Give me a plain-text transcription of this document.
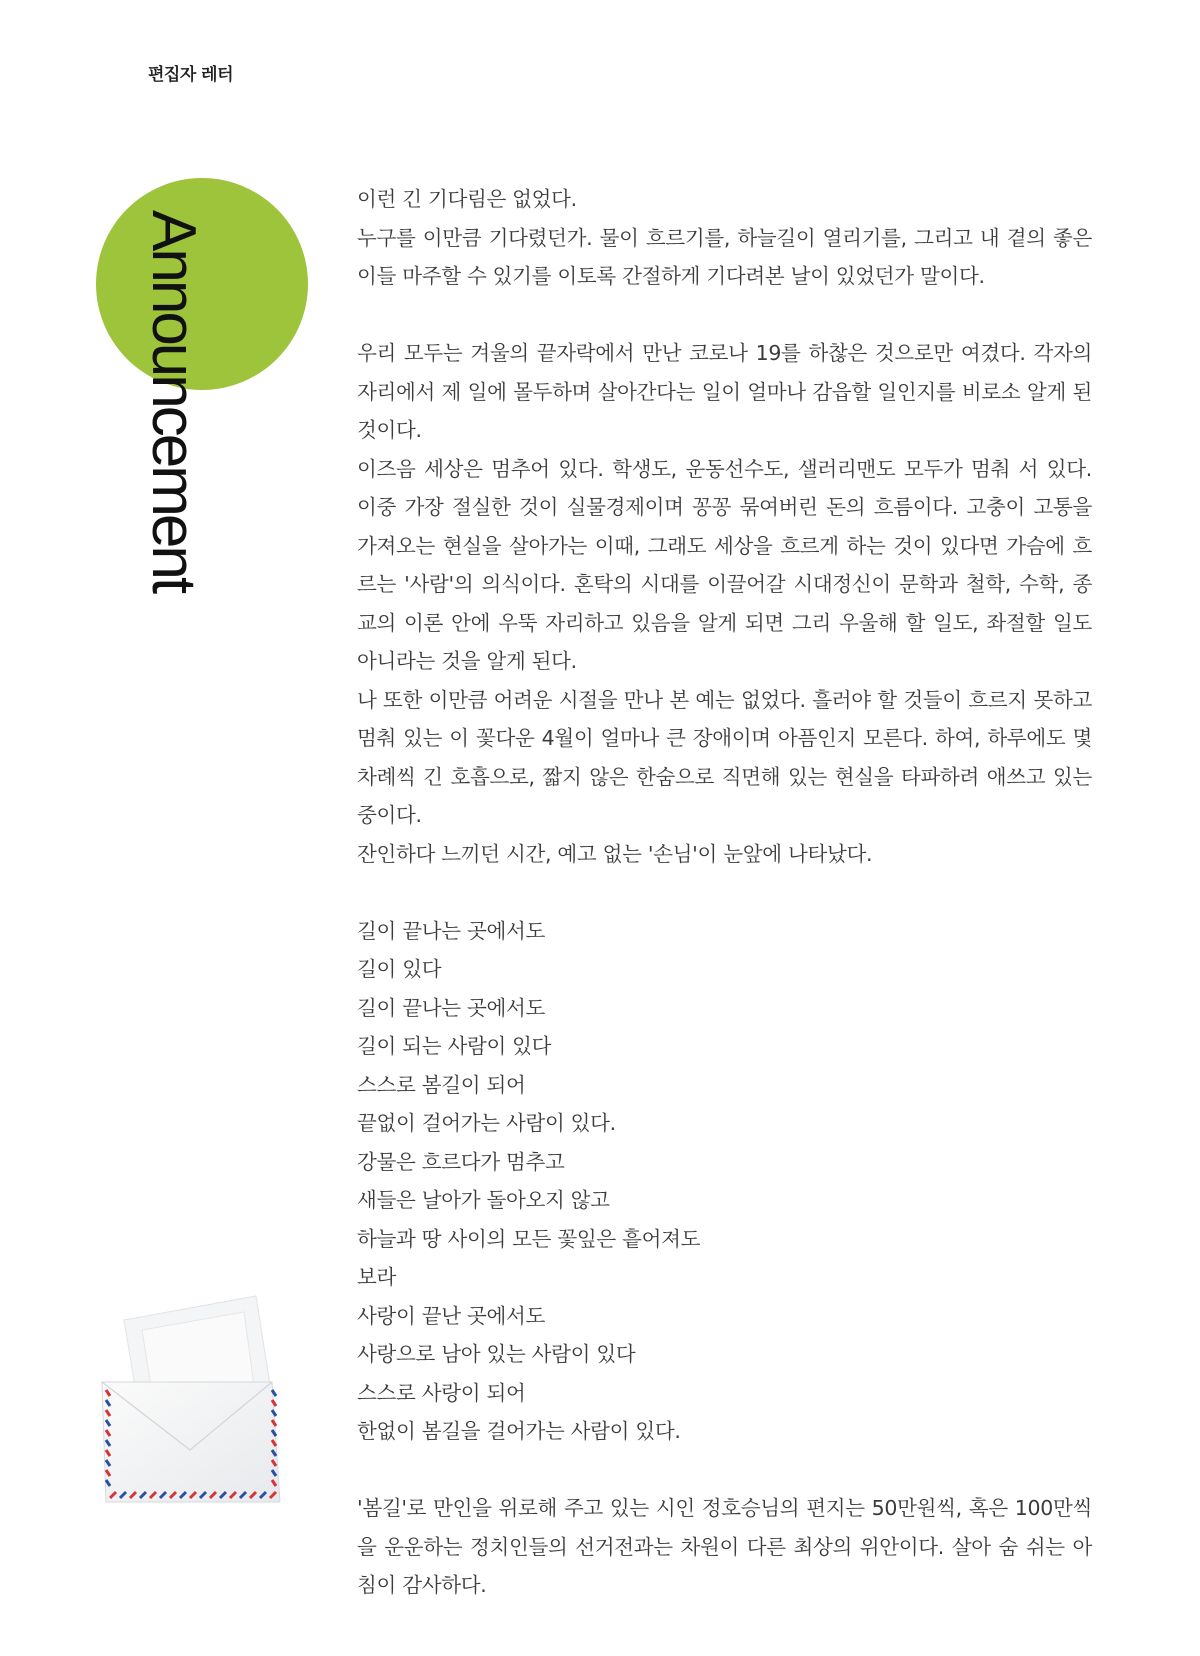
편집자 레터
Announcement

이런 긴 기다림은 없었다.

누구를 이만큼 기다렸던가. 물이 흐르기를, 하늘길이 열리기를, 그리고 내 곁의 좋은 이들 마주할 수 있기를 이토록 간절하게 기다려본 날이 있었던가 말이다.

우리 모두는 겨울의 끝자락에서 만난 코로나 19를 하찮은 것으로만 여겼다. 각자의 자리에서 제 일에 몰두하며 살아간다는 일이 얼마나 감읍할 일인지를 비로소 알게 된 것이다.

이즈음 세상은 멈추어 있다. 학생도, 운동선수도, 샐러리맨도 모두가 멈춰 서 있다. 이중 가장 절실한 것이 실물경제이며 꽁꽁 묶여버린 돈의 흐름이다. 고충이 고통을 가져오는 현실을 살아가는 이때, 그래도 세상을 흐르게 하는 것이 있다면 가슴에 흐르는 '사람'의 의식이다. 혼탁의 시대를 이끌어갈 시대정신이 문학과 철학, 수학, 종교의 이론 안에 우뚝 자리하고 있음을 알게 되면 그리 우울해 할 일도, 좌절할 일도 아니라는 것을 알게 된다.

나 또한 이만큼 어려운 시절을 만나 본 예는 없었다. 흘러야 할 것들이 흐르지 못하고 멈춰 있는 이 꽃다운 4월이 얼마나 큰 장애이며 아픔인지 모른다. 하여, 하루에도 몇 차례씩 긴 호흡으로, 짧지 않은 한숨으로 직면해 있는 현실을 타파하려 애쓰고 있는 중이다.

잔인하다 느끼던 시간, 예고 없는 '손님'이 눈앞에 나타났다.

길이 끝나는 곳에서도

길이 있다

길이 끝나는 곳에서도

길이 되는 사람이 있다

스스로 봄길이 되어

끝없이 걸어가는 사람이 있다.

강물은 흐르다가 멈추고

새들은 날아가 돌아오지 않고

하늘과 땅 사이의 모든 꽃잎은 흩어져도

보라

사랑이 끝난 곳에서도

사랑으로 남아 있는 사람이 있다

스스로 사랑이 되어

한없이 봄길을 걸어가는 사람이 있다.

'봄길'로 만인을 위로해 주고 있는 시인 정호승님의 편지는 50만원씩, 혹은 100만씩을 운운하는 정치인들의 선거전과는 차원이 다른 최상의 위안이다. 살아 숨 쉬는 아침이 감사하다.
